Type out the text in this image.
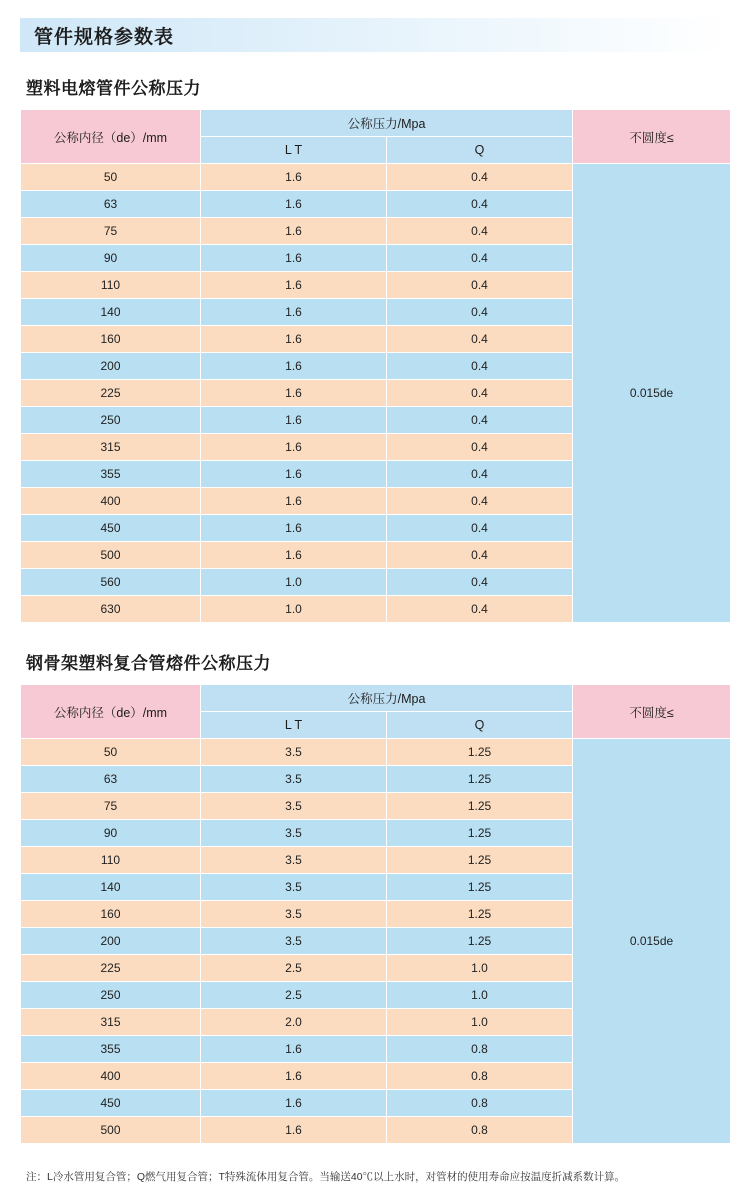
管件规格参数表
塑料电熔管件公称压力
公称内径（de）/mm	公称压力/Mpa		不圆度≤
	L T	Q	
50	1.6	0.4	0.015de
63	1.6	0.4	
75	1.6	0.4	
90	1.6	0.4	
110	1.6	0.4	
140	1.6	0.4	
160	1.6	0.4	
200	1.6	0.4	
225	1.6	0.4	
250	1.6	0.4	
315	1.6	0.4	
355	1.6	0.4	
400	1.6	0.4	
450	1.6	0.4	
500	1.6	0.4	
560	1.0	0.4	
630	1.0	0.4	
钢骨架塑料复合管熔件公称压力
公称内径（de）/mm	公称压力/Mpa		不圆度≤
	L T	Q	
50	3.5	1.25	0.015de
63	3.5	1.25	
75	3.5	1.25	
90	3.5	1.25	
110	3.5	1.25	
140	3.5	1.25	
160	3.5	1.25	
200	3.5	1.25	
225	2.5	1.0	
250	2.5	1.0	
315	2.0	1.0	
355	1.6	0.8	
400	1.6	0.8	
450	1.6	0.8	
500	1.6	0.8	
注：L冷水管用复合管；Q燃气用复合管；T特殊流体用复合管。当输送40℃以上水时，对管材的使用寿命应按温度折减系数计算。
